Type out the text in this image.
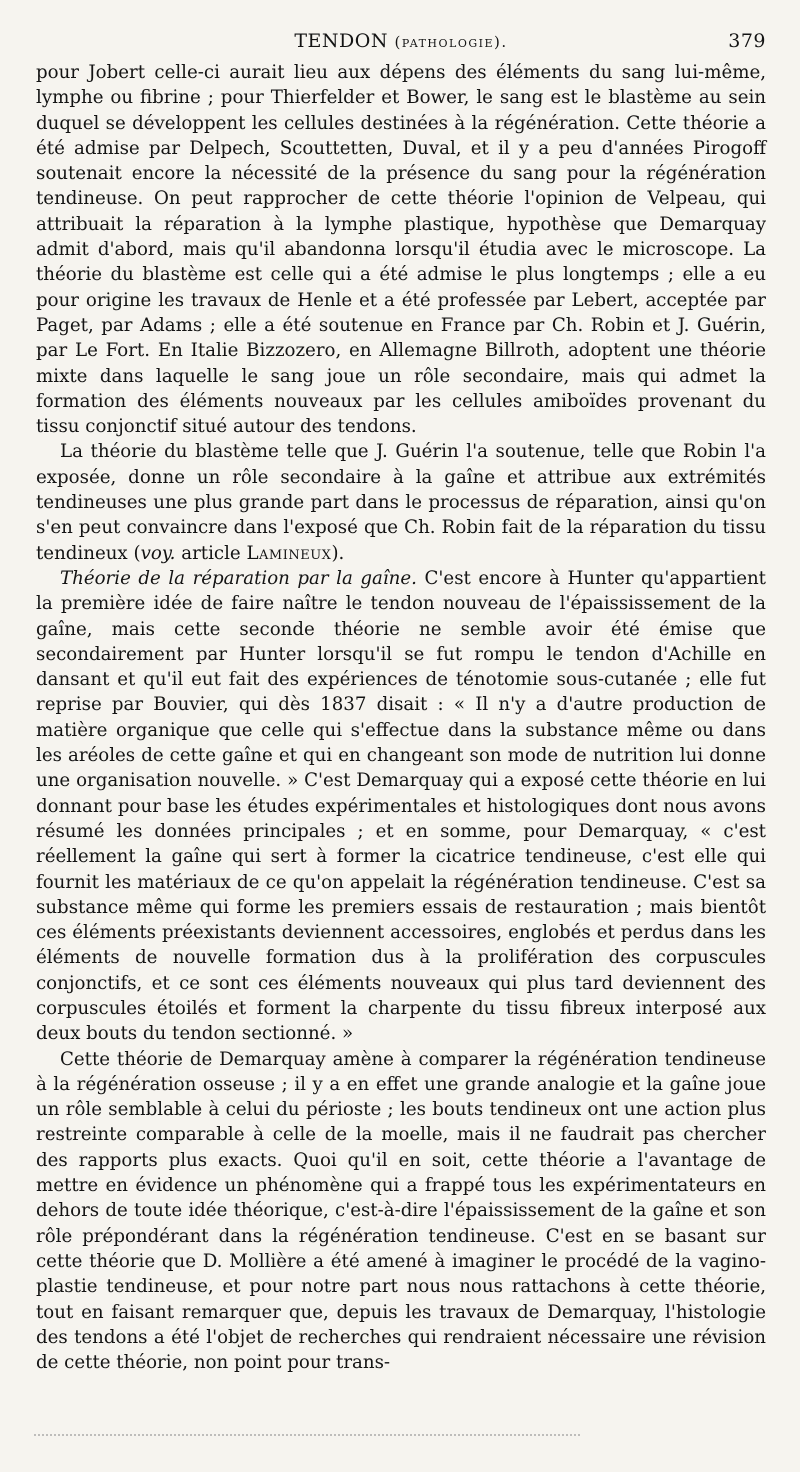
TENDON (pathologie).	379

pour Jobert celle-ci aurait lieu aux dépens des éléments du sang lui-même, lymphe ou fibrine ; pour Thierfelder et Bower, le sang est le blastème au sein duquel se développent les cellules destinées à la régénération. Cette théorie a été admise par Delpech, Scouttetten, Duval, et il y a peu d'années Pirogoff soutenait encore la nécessité de la présence du sang pour la régénération tendineuse. On peut rapprocher de cette théorie l'opinion de Velpeau, qui attribuait la réparation à la lymphe plastique, hypothèse que Demarquay admit d'abord, mais qu'il abandonna lorsqu'il étudia avec le microscope. La théorie du blastème est celle qui a été admise le plus longtemps ; elle a eu pour origine les travaux de Henle et a été professée par Lebert, acceptée par Paget, par Adams ; elle a été soutenue en France par Ch. Robin et J. Guérin, par Le Fort. En Italie Bizzozero, en Allemagne Billroth, adoptent une théorie mixte dans laquelle le sang joue un rôle secondaire, mais qui admet la formation des éléments nouveaux par les cellules amiboïdes provenant du tissu conjonctif situé autour des tendons.

La théorie du blastème telle que J. Guérin l'a soutenue, telle que Robin l'a exposée, donne un rôle secondaire à la gaîne et attribue aux extrémités tendineuses une plus grande part dans le processus de réparation, ainsi qu'on s'en peut convaincre dans l'exposé que Ch. Robin fait de la réparation du tissu tendineux (voy. article Lamineux).

Théorie de la réparation par la gaîne. C'est encore à Hunter qu'appartient la première idée de faire naître le tendon nouveau de l'épaississement de la gaîne, mais cette seconde théorie ne semble avoir été émise que secondairement par Hunter lorsqu'il se fut rompu le tendon d'Achille en dansant et qu'il eut fait des expériences de ténotomie sous-cutanée ; elle fut reprise par Bouvier, qui dès 1837 disait : « Il n'y a d'autre production de matière organique que celle qui s'effectue dans la substance même ou dans les aréoles de cette gaîne et qui en changeant son mode de nutrition lui donne une organisation nouvelle. » C'est Demarquay qui a exposé cette théorie en lui donnant pour base les études expérimentales et histologiques dont nous avons résumé les données principales ; et en somme, pour Demarquay, « c'est réellement la gaîne qui sert à former la cicatrice tendineuse, c'est elle qui fournit les matériaux de ce qu'on appelait la régénération tendineuse. C'est sa substance même qui forme les premiers essais de restauration ; mais bientôt ces éléments préexistants deviennent accessoires, englobés et perdus dans les éléments de nouvelle formation dus à la prolifération des corpuscules conjonctifs, et ce sont ces éléments nouveaux qui plus tard deviennent des corpuscules étoilés et forment la charpente du tissu fibreux interposé aux deux bouts du tendon sectionné. »

Cette théorie de Demarquay amène à comparer la régénération tendineuse à la régénération osseuse ; il y a en effet une grande analogie et la gaîne joue un rôle semblable à celui du périoste ; les bouts tendineux ont une action plus restreinte comparable à celle de la moelle, mais il ne faudrait pas chercher des rapports plus exacts. Quoi qu'il en soit, cette théorie a l'avantage de mettre en évidence un phénomène qui a frappé tous les expérimentateurs en dehors de toute idée théorique, c'est-à-dire l'épaississement de la gaîne et son rôle prépondérant dans la régénération tendineuse. C'est en se basant sur cette théorie que D. Mollière a été amené à imaginer le procédé de la vagino-plastie tendineuse, et pour notre part nous nous rattachons à cette théorie, tout en faisant remarquer que, depuis les travaux de Demarquay, l'histologie des tendons a été l'objet de recherches qui rendraient nécessaire une révision de cette théorie, non point pour trans-
